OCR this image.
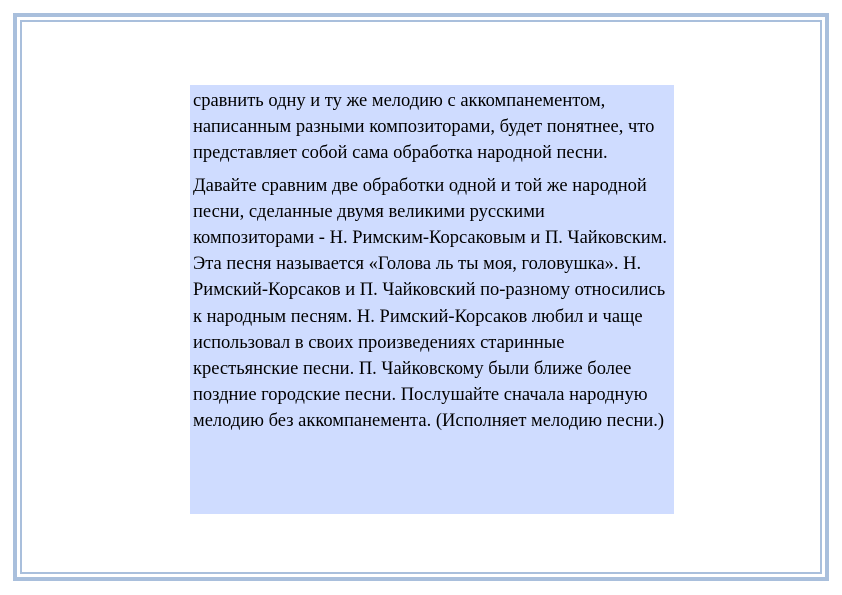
сравнить одну и ту же мелодию с аккомпанементом, написанным разными композиторами, будет понятнее, что представляет собой сама обработка народной песни.

Давайте сравним две обработки одной и той же народной песни, сделанные двумя великими русскими композиторами - Н. Римским-Корсаковым и П. Чайковским. Эта песня называется «Голова ль ты моя, головушка». Н. Римский-Корсаков и П. Чайковский по-разному относились к народным песням. Н. Римский-Корсаков любил и чаще использовал в своих произведениях старинные крестьянские песни. П. Чайковскому были ближе более поздние городские песни. Послушайте сначала народную мелодию без аккомпанемента. (Исполняет мелодию песни.)
